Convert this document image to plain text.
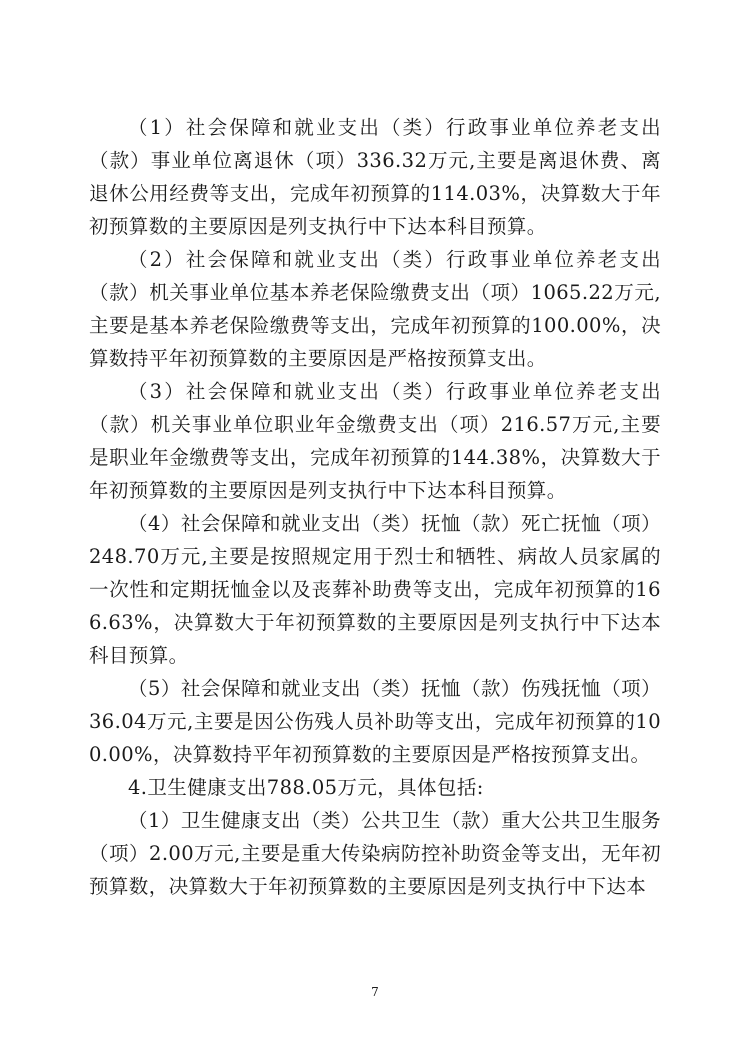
（1）社会保障和就业支出（类）行政事业单位养老支出（款）事业单位离退休（项）336.32万元,主要是离退休费、离退休公用经费等支出，完成年初预算的114.03%，决算数大于年初预算数的主要原因是列支执行中下达本科目预算。

（2）社会保障和就业支出（类）行政事业单位养老支出（款）机关事业单位基本养老保险缴费支出（项）1065.22万元,主要是基本养老保险缴费等支出，完成年初预算的100.00%，决算数持平年初预算数的主要原因是严格按预算支出。

（3）社会保障和就业支出（类）行政事业单位养老支出（款）机关事业单位职业年金缴费支出（项）216.57万元,主要是职业年金缴费等支出，完成年初预算的144.38%，决算数大于年初预算数的主要原因是列支执行中下达本科目预算。

（4）社会保障和就业支出（类）抚恤（款）死亡抚恤（项）248.70万元,主要是按照规定用于烈士和牺牲、病故人员家属的一次性和定期抚恤金以及丧葬补助费等支出，完成年初预算的166.63%，决算数大于年初预算数的主要原因是列支执行中下达本科目预算。

（5）社会保障和就业支出（类）抚恤（款）伤残抚恤（项）36.04万元,主要是因公伤残人员补助等支出，完成年初预算的100.00%，决算数持平年初预算数的主要原因是严格按预算支出。

4.卫生健康支出788.05万元，具体包括:

（1）卫生健康支出（类）公共卫生（款）重大公共卫生服务（项）2.00万元,主要是重大传染病防控补助资金等支出，无年初预算数，决算数大于年初预算数的主要原因是列支执行中下达本

7
